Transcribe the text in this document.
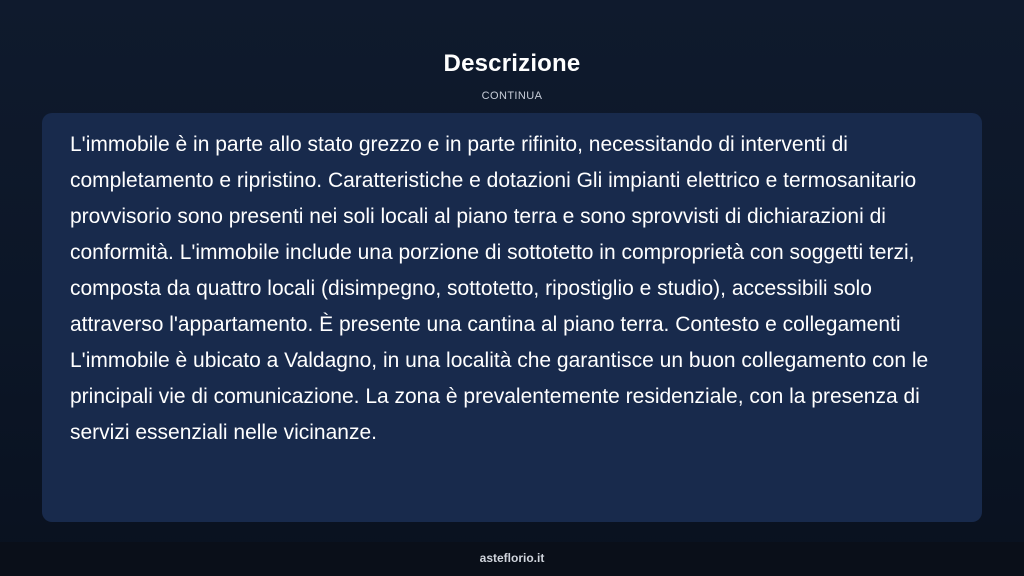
Descrizione
CONTINUA

L'immobile è in parte allo stato grezzo e in parte rifinito, necessitando di interventi di completamento e ripristino. Caratteristiche e dotazioni Gli impianti elettrico e termosanitario provvisorio sono presenti nei soli locali al piano terra e sono sprovvisti di dichiarazioni di conformità. L'immobile include una porzione di sottotetto in comproprietà con soggetti terzi, composta da quattro locali (disimpegno, sottotetto, ripostiglio e studio), accessibili solo attraverso l'appartamento. È presente una cantina al piano terra. Contesto e collegamenti L'immobile è ubicato a Valdagno, in una località che garantisce un buon collegamento con le principali vie di comunicazione. La zona è prevalentemente residenziale, con la presenza di servizi essenziali nelle vicinanze.

asteflorio.it
